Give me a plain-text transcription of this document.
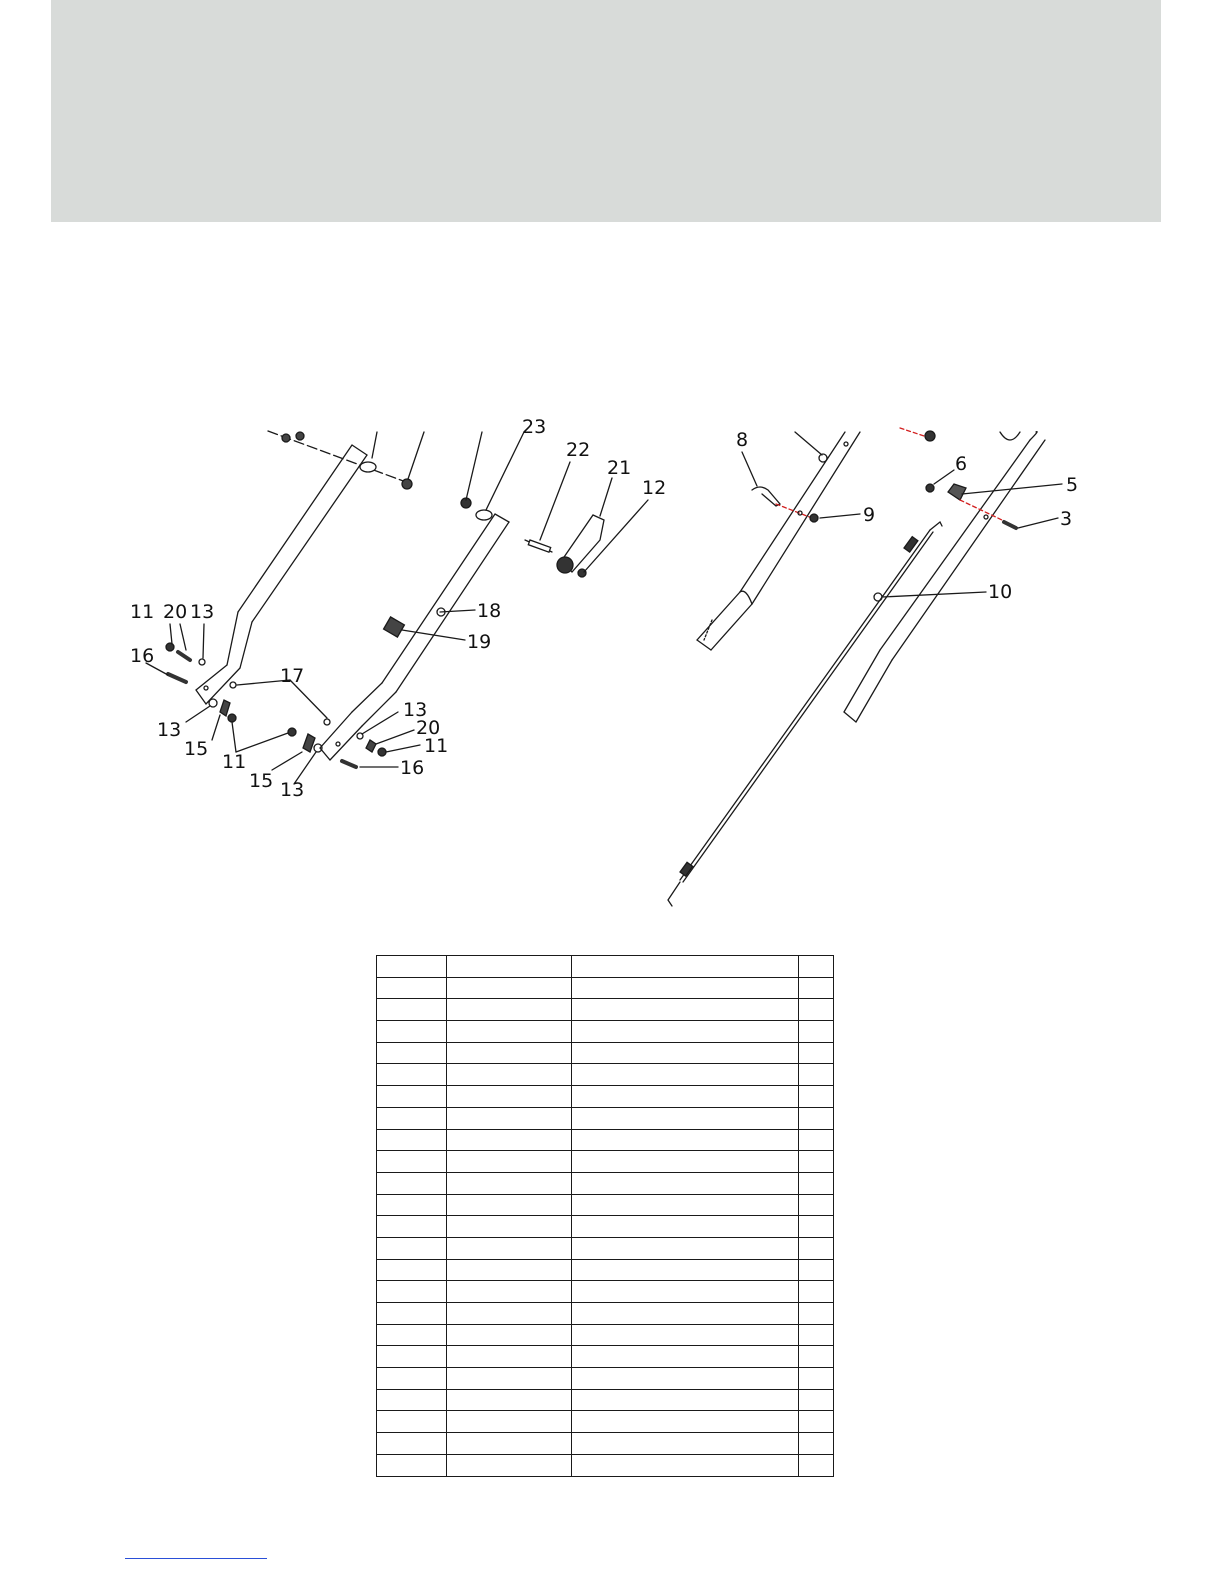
23
22
21
12
11 20 13	18
16
19
17
13
20
11
13
15
11	16
15 13
8
6
5
3
9
10
